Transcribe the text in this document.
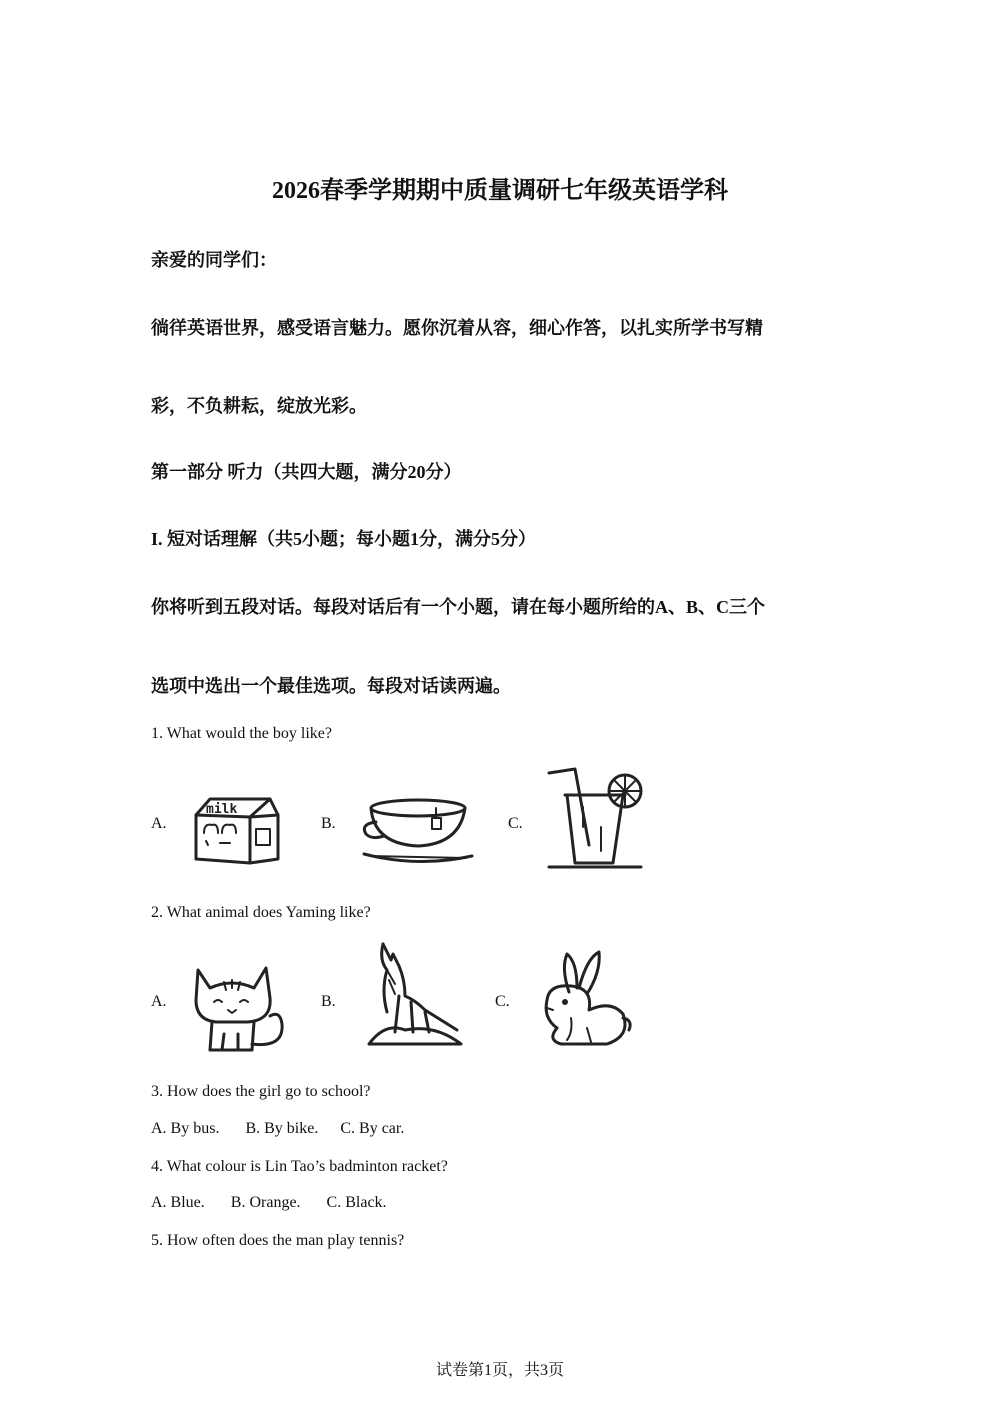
2026春季学期期中质量调研七年级英语学科
亲爱的同学们：
徜徉英语世界，感受语言魅力。愿你沉着从容，细心作答，以扎实所学书写精
彩，不负耕耘，绽放光彩。
第一部分 听力（共四大题，满分20分）
I. 短对话理解（共5小题；每小题1分，满分5分）
你将听到五段对话。每段对话后有一个小题，请在每小题所给的A、B、C三个
选项中选出一个最佳选项。每段对话读两遍。
1. What would the boy like?
A.
milk
B.	C.
2. What animal does Yaming like?
A.	B.	C.
3. How does the girl go to school?
A. By bus. B. By bike. C. By car.
4. What colour is Lin Tao’s badminton racket?
A. Blue. B. Orange. C. Black.
5. How often does the man play tennis?
试卷第1页，共3页
